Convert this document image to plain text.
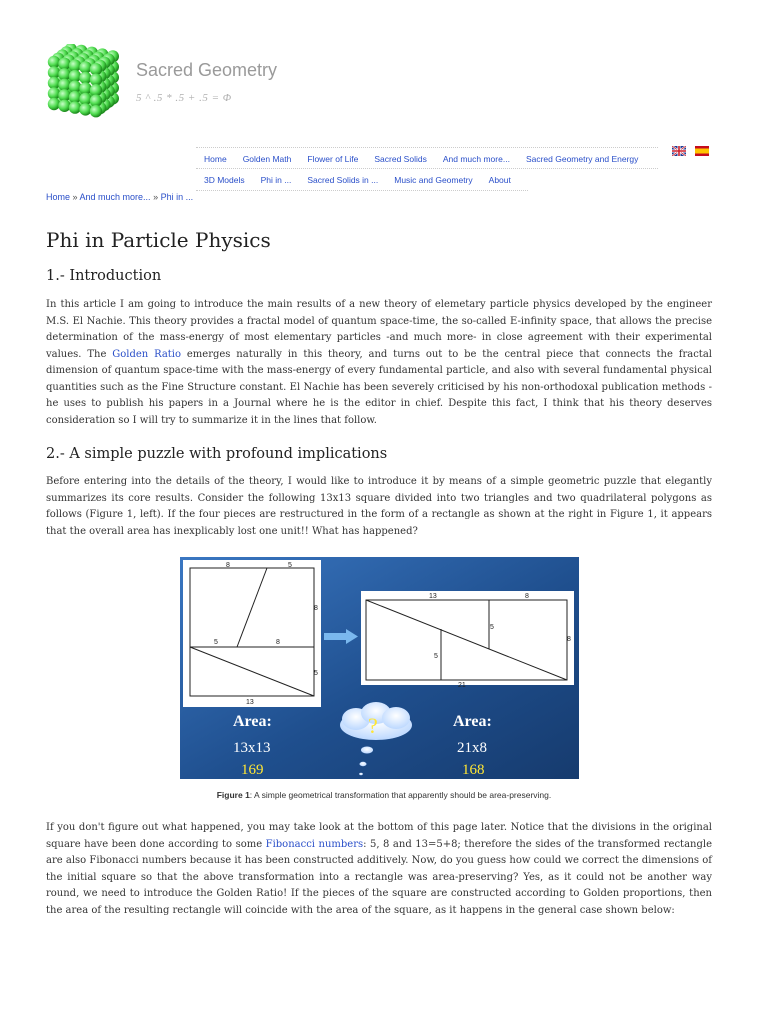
Sacred Geometry
5 ^ .5 * .5 + .5 = Φ
Home	Golden Math	Flower of Life	Sacred Solids	And much more...	Sacred Geometry and Energy
3D Models	Phi in ...	Sacred Solids in ...	Music and Geometry	About
Home » And much more... » Phi in ...
Phi in Particle Physics
1.- Introduction

In this article I am going to introduce the main results of a new theory of elemetary particle physics developed by the engineer M.S. El Nachie. This theory provides a fractal model of quantum space-time, the so-called E-infinity space, that allows the precise determination of the mass-energy of most elementary particles -and much more- in close agreement with their experimental values. The Golden Ratio emerges naturally in this theory, and turns out to be the central piece that connects the fractal dimension of quantum space-time with the mass-energy of every fundamental particle, and also with several fundamental physical quantities such as the Fine Structure constant. El Nachie has been severely criticised by his non-orthodoxal publication methods - he uses to publish his papers in a Journal where he is the editor in chief. Despite this fact, I think that his theory deserves consideration so I will try to summarize it in the lines that follow.

2.- A simple puzzle with profound implications

Before entering into the details of the theory, I would like to introduce it by means of a simple geometric puzzle that elegantly summarizes its core results. Consider the following 13x13 square divided into two triangles and two quadrilateral polygons as follows (Figure 1, left). If the four pieces are restructured in the form of a rectangle as shown at the right in Figure 1, it appears that the overall area has inexplicably lost one unit!! What has happened?

8	5
8
5	8
5
13
13	8
5
5
8
21
Area:
13x13
169
Area:
21x8
168
?
Figure 1: A simple geometrical transformation that apparently should be area-preserving.

If you don't figure out what happened, you may take look at the bottom of this page later. Notice that the divisions in the original square have been done according to some Fibonacci numbers: 5, 8 and 13=5+8; therefore the sides of the transformed rectangle are also Fibonacci numbers because it has been constructed additively. Now, do you guess how could we correct the dimensions of the initial square so that the above transformation into a rectangle was area-preserving? Yes, as it could not be another way round, we need to introduce the Golden Ratio! If the pieces of the square are constructed according to Golden proportions, then the area of the resulting rectangle will coincide with the area of the square, as it happens in the general case shown below:
